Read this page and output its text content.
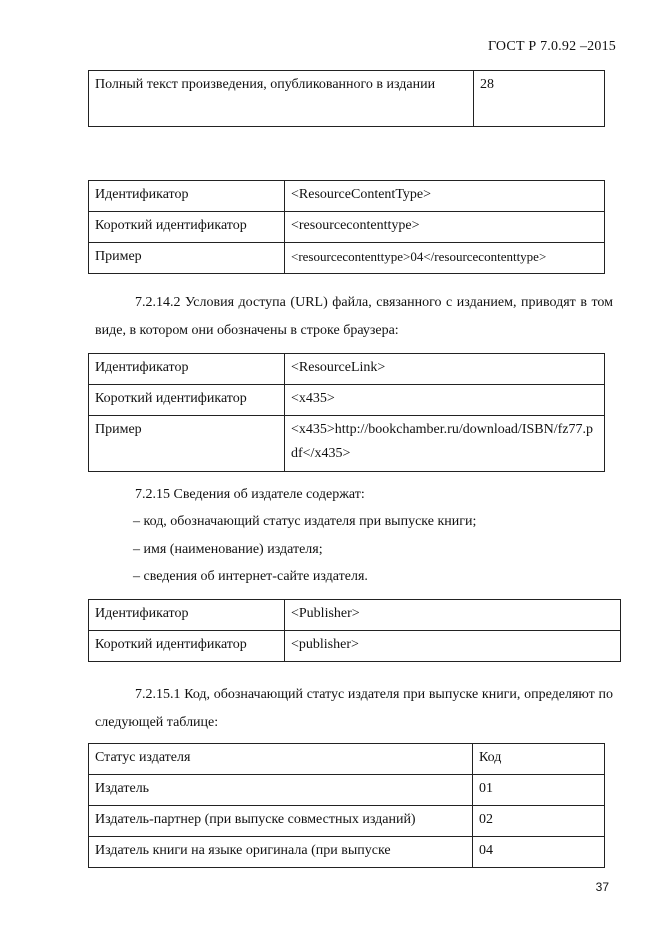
ГОСТ Р 7.0.92 –2015
Полный текст произведения, опубликованного в издании	28
Идентификатор	<ResourceContentType>
Короткий идентификатор	<resourcecontenttype>
Пример	<resourcecontenttype>04</resourcecontenttype>
7.2.14.2 Условия доступа (URL) файла, связанного с изданием, приводят в том виде, в котором они обозначены в строке браузера:
Идентификатор	<ResourceLink>
Короткий идентификатор	<x435>
Пример	<x435>http://bookchamber.ru/download/ISBN/fz77.pdf</x435>
7.2.15 Сведения об издателе содержат:
– код, обозначающий статус издателя при выпуске книги;
– имя (наименование) издателя;
– сведения об интернет-сайте издателя.
Идентификатор	<Publisher>
Короткий идентификатор	<publisher>
7.2.15.1 Код, обозначающий статус издателя при выпуске книги, определяют по следующей таблице:
Статус издателя	Код
Издатель	01
Издатель-партнер (при выпуске совместных изданий)	02
Издатель книги на языке оригинала (при выпуске	04
37
